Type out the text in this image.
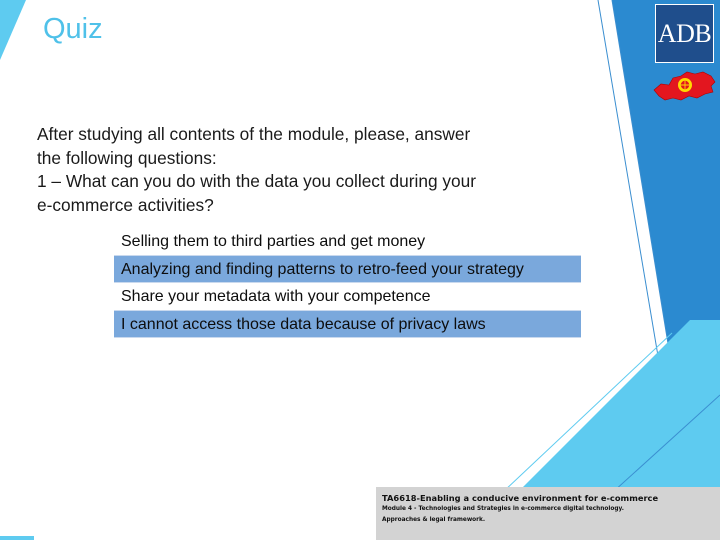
Quiz
After studying all contents of the module, please, answer
the following questions:
1 – What can you do with the data you collect during your
e-commerce activities?
Selling them to third parties and get money
Analyzing and finding patterns to retro-feed your strategy
Share your metadata with your competence
I cannot access those data because of privacy laws
ADB
TA6618-Enabling a conducive environment for e-commerce
Module 4 - Technologies and Strategies in e-commerce digital technology.
Approaches & legal framework.
